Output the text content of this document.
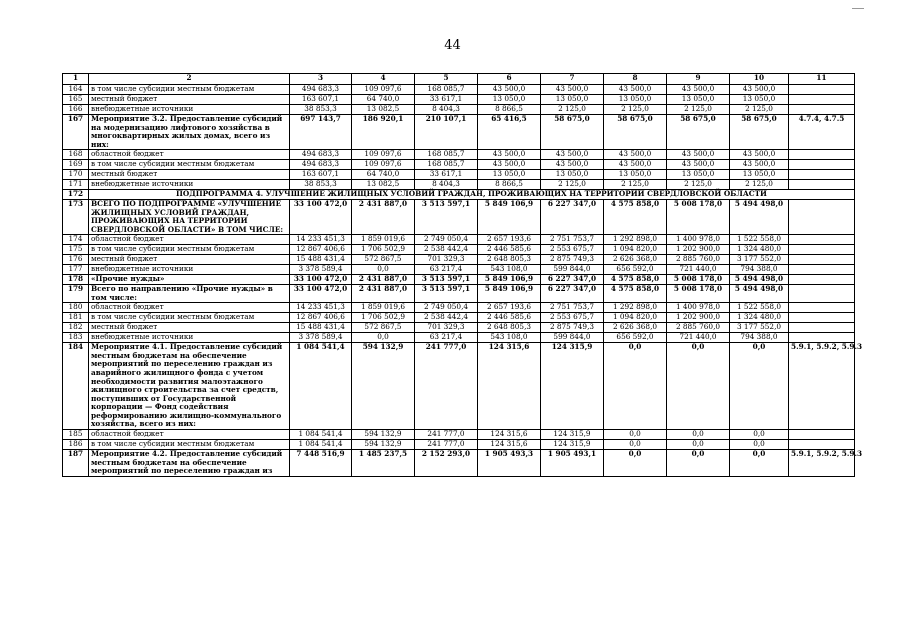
44
1	2	3	4	5	6	7	8	9	10	11
164	в том числе субсидии местным бюджетам	494 683,3	109 097,6	168 085,7	43 500,0	43 500,0	43 500,0	43 500,0	43 500,0	
165	местный бюджет	163 607,1	64 740,0	33 617,1	13 050,0	13 050,0	13 050,0	13 050,0	13 050,0	
166	внебюджетные источники	38 853,3	13 082,5	8 404,3	8 866,5	2 125,0	2 125,0	2 125,0	2 125,0	
167	Мероприятие 3.2. Предоставление субсидий на модернизацию лифтового хозяйства в многоквартирных жилых домах, всего из них:	697 143,7	186 920,1	210 107,1	65 416,5	58 675,0	58 675,0	58 675,0	58 675,0	4.7.4, 4.7.5
168	областной бюджет	494 683,3	109 097,6	168 085,7	43 500,0	43 500,0	43 500,0	43 500,0	43 500,0	
169	в том числе субсидии местным бюджетам	494 683,3	109 097,6	168 085,7	43 500,0	43 500,0	43 500,0	43 500,0	43 500,0	
170	местный бюджет	163 607,1	64 740,0	33 617,1	13 050,0	13 050,0	13 050,0	13 050,0	13 050,0	
171	внебюджетные источники	38 853,3	13 082,5	8 404,3	8 866,5	2 125,0	2 125,0	2 125,0	2 125,0	
172	ПОДПРОГРАММА 4. УЛУЧШЕНИЕ ЖИЛИЩНЫХ УСЛОВИЙ ГРАЖДАН, ПРОЖИВАЮЩИХ НА ТЕРРИТОРИИ СВЕРДЛОВСКОЙ ОБЛАСТИ									
173	ВСЕГО ПО ПОДПРОГРАММЕ «УЛУЧШЕНИЕ ЖИЛИЩНЫХ УСЛОВИЙ ГРАЖДАН, ПРОЖИВАЮЩИХ НА ТЕРРИТОРИИ СВЕРДЛОВСКОЙ ОБЛАСТИ» В ТОМ ЧИСЛЕ:	33 100 472,0	2 431 887,0	3 513 597,1	5 849 106,9	6 227 347,0	4 575 858,0	5 008 178,0	5 494 498,0	
174	областной бюджет	14 233 451,3	1 859 019,6	2 749 050,4	2 657 193,6	2 751 753,7	1 292 898,0	1 400 978,0	1 522 558,0	
175	в том числе субсидии местным бюджетам	12 867 406,6	1 706 502,9	2 538 442,4	2 446 585,6	2 553 675,7	1 094 820,0	1 202 900,0	1 324 480,0	
176	местный бюджет	15 488 431,4	572 867,5	701 329,3	2 648 805,3	2 875 749,3	2 626 368,0	2 885 760,0	3 177 552,0	
177	внебюджетные источники	3 378 589,4	0,0	63 217,4	543 108,0	599 844,0	656 592,0	721 440,0	794 388,0	
178	«Прочие нужды»	33 100 472,0	2 431 887,0	3 513 597,1	5 849 106,9	6 227 347,0	4 575 858,0	5 008 178,0	5 494 498,0	
179	Всего по направлению «Прочие нужды» в том числе:	33 100 472,0	2 431 887,0	3 513 597,1	5 849 106,9	6 227 347,0	4 575 858,0	5 008 178,0	5 494 498,0	
180	областной бюджет	14 233 451,3	1 859 019,6	2 749 050,4	2 657 193,6	2 751 753,7	1 292 898,0	1 400 978,0	1 522 558,0	
181	в том числе субсидии местным бюджетам	12 867 406,6	1 706 502,9	2 538 442,4	2 446 585,6	2 553 675,7	1 094 820,0	1 202 900,0	1 324 480,0	
182	местный бюджет	15 488 431,4	572 867,5	701 329,3	2 648 805,3	2 875 749,3	2 626 368,0	2 885 760,0	3 177 552,0	
183	внебюджетные источники	3 378 589,4	0,0	63 217,4	543 108,0	599 844,0	656 592,0	721 440,0	794 388,0	
184	Мероприятие 4.1. Предоставление субсидий местным бюджетам на обеспечение мероприятий по переселению граждан из аварийного жилищного фонда с учетом необходимости развития малоэтажного жилищного строительства за счет средств, поступивших от Государственной корпорации — Фонд содействия реформированию жилищно-коммунального хозяйства, всего из них:	1 084 541,4	594 132,9	241 777,0	124 315,6	124 315,9	0,0	0,0	0,0	5.9.1, 5.9.2, 5.9.3
185	областной бюджет	1 084 541,4	594 132,9	241 777,0	124 315,6	124 315,9	0,0	0,0	0,0	
186	в том числе субсидии местным бюджетам	1 084 541,4	594 132,9	241 777,0	124 315,6	124 315,9	0,0	0,0	0,0	
187	Мероприятие 4.2. Предоставление субсидий местным бюджетам на обеспечение мероприятий по переселению граждан из	7 448 516,9	1 485 237,5	2 152 293,0	1 905 493,3	1 905 493,1	0,0	0,0	0,0	5.9.1, 5.9.2, 5.9.3
